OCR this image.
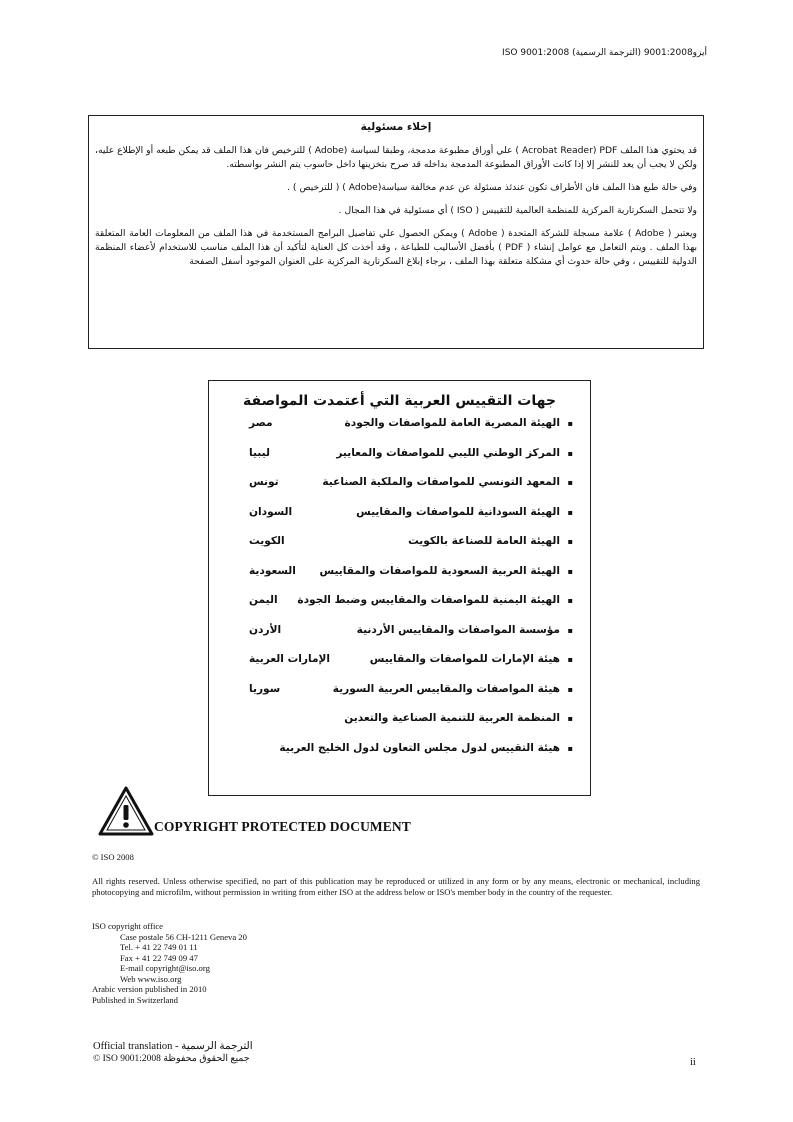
أيزو9001:2008 (الترجمة الرسمية) ISO 9001:2008
إخلاء مسئولية

قد يحتوي هذا الملف Acrobat Reader) PDF ) علي أوراق مطبوعة مدمجة، وطبقا لسياسة (Adobe ) للترخيص فان هذا الملف قد يمكن طبعه أو الإطلاع عليه، ولكن لا يجب أن يعد للنشر إلا إذا كانت الأوراق المطبوعة المدمجة بداخله قد صرح بتخزينها داخل حاسوب يتم النشر بواسطته.

وفي حالة طبع هذا الملف فان الأطراف تكون عندئذ مسئولة عن عدم مخالفة سياسة(Adobe ) ( للترخيص ) .

ولا تتحمل السكرتارية المركزية للمنظمة العالمية للتقييس ( ISO ) أي مسئولية في هذا المجال .

ويعتبر ( Adobe ) علامة مسجلة للشركة المتحدة ( Adobe ) ويمكن الحصول علي تفاصيل البرامج المستخدمة في هذا الملف من المعلومات العامة المتعلقة بهذا الملف . ويتم التعامل مع عوامل إنشاء ( PDF ) بأفضل الأساليب للطباعة ، وقد أخذت كل العناية لتأكيد أن هذا الملف مناسب للاستخدام لأعضاء المنظمة الدولية للتقييس ، وفي حالة حدوث أي مشكلة متعلقة بهذا الملف ، برجاء إبلاغ السكرتارية المركزية على العنوان الموجود أسفل الصفحة

جهات التقييس العربية التي أعتمدت المواصفة
▪
الهيئة المصرية العامة للمواصفات والجودة
مصر
▪
المركز الوطني الليبي للمواصفات والمعايير
ليبيا
▪
المعهد التونسي للمواصفات والملكية الصناعية
تونس
▪
الهيئة السودانية للمواصفات والمقاييس
السودان
▪
الهيئة العامة للصناعة بالكويت
الكويت
▪
الهيئة العربية السعودية للمواصفات والمقاييس
السعودية
▪
الهيئة اليمنية للمواصفات والمقاييس وضبط الجودة
اليمن
▪
مؤسسة المواصفات والمقاييس الأردنية
الأردن
▪
هيئة الإمارات للمواصفات والمقاييس
الإمارات العربية
▪
هيئة المواصفات والمقاييس العربية السورية
سوريا
▪
المنظمة العربية للتنمية الصناعية والتعدين
▪
هيئة التقييس لدول مجلس التعاون لدول الخليج العربية
COPYRIGHT PROTECTED DOCUMENT
© ISO 2008
All rights reserved. Unless otherwise specified, no part of this publication may be reproduced or utilized in any form or by any means, electronic or mechanical, including photocopying and microfilm, without permission in writing from either ISO at the address below or ISO's member body in the country of the requester.
ISO copyright office
Case postale 56 CH-1211 Geneva 20
Tel. + 41 22 749 01 11
Fax + 41 22 749 09 47
E-mail copyright@iso.org
Web www.iso.org
Arabic version published in 2010
Published in Switzerland
Official translation - الترجمة الرسمية
© ISO 9001:2008 جميع الحقوق محفوظة	ii
